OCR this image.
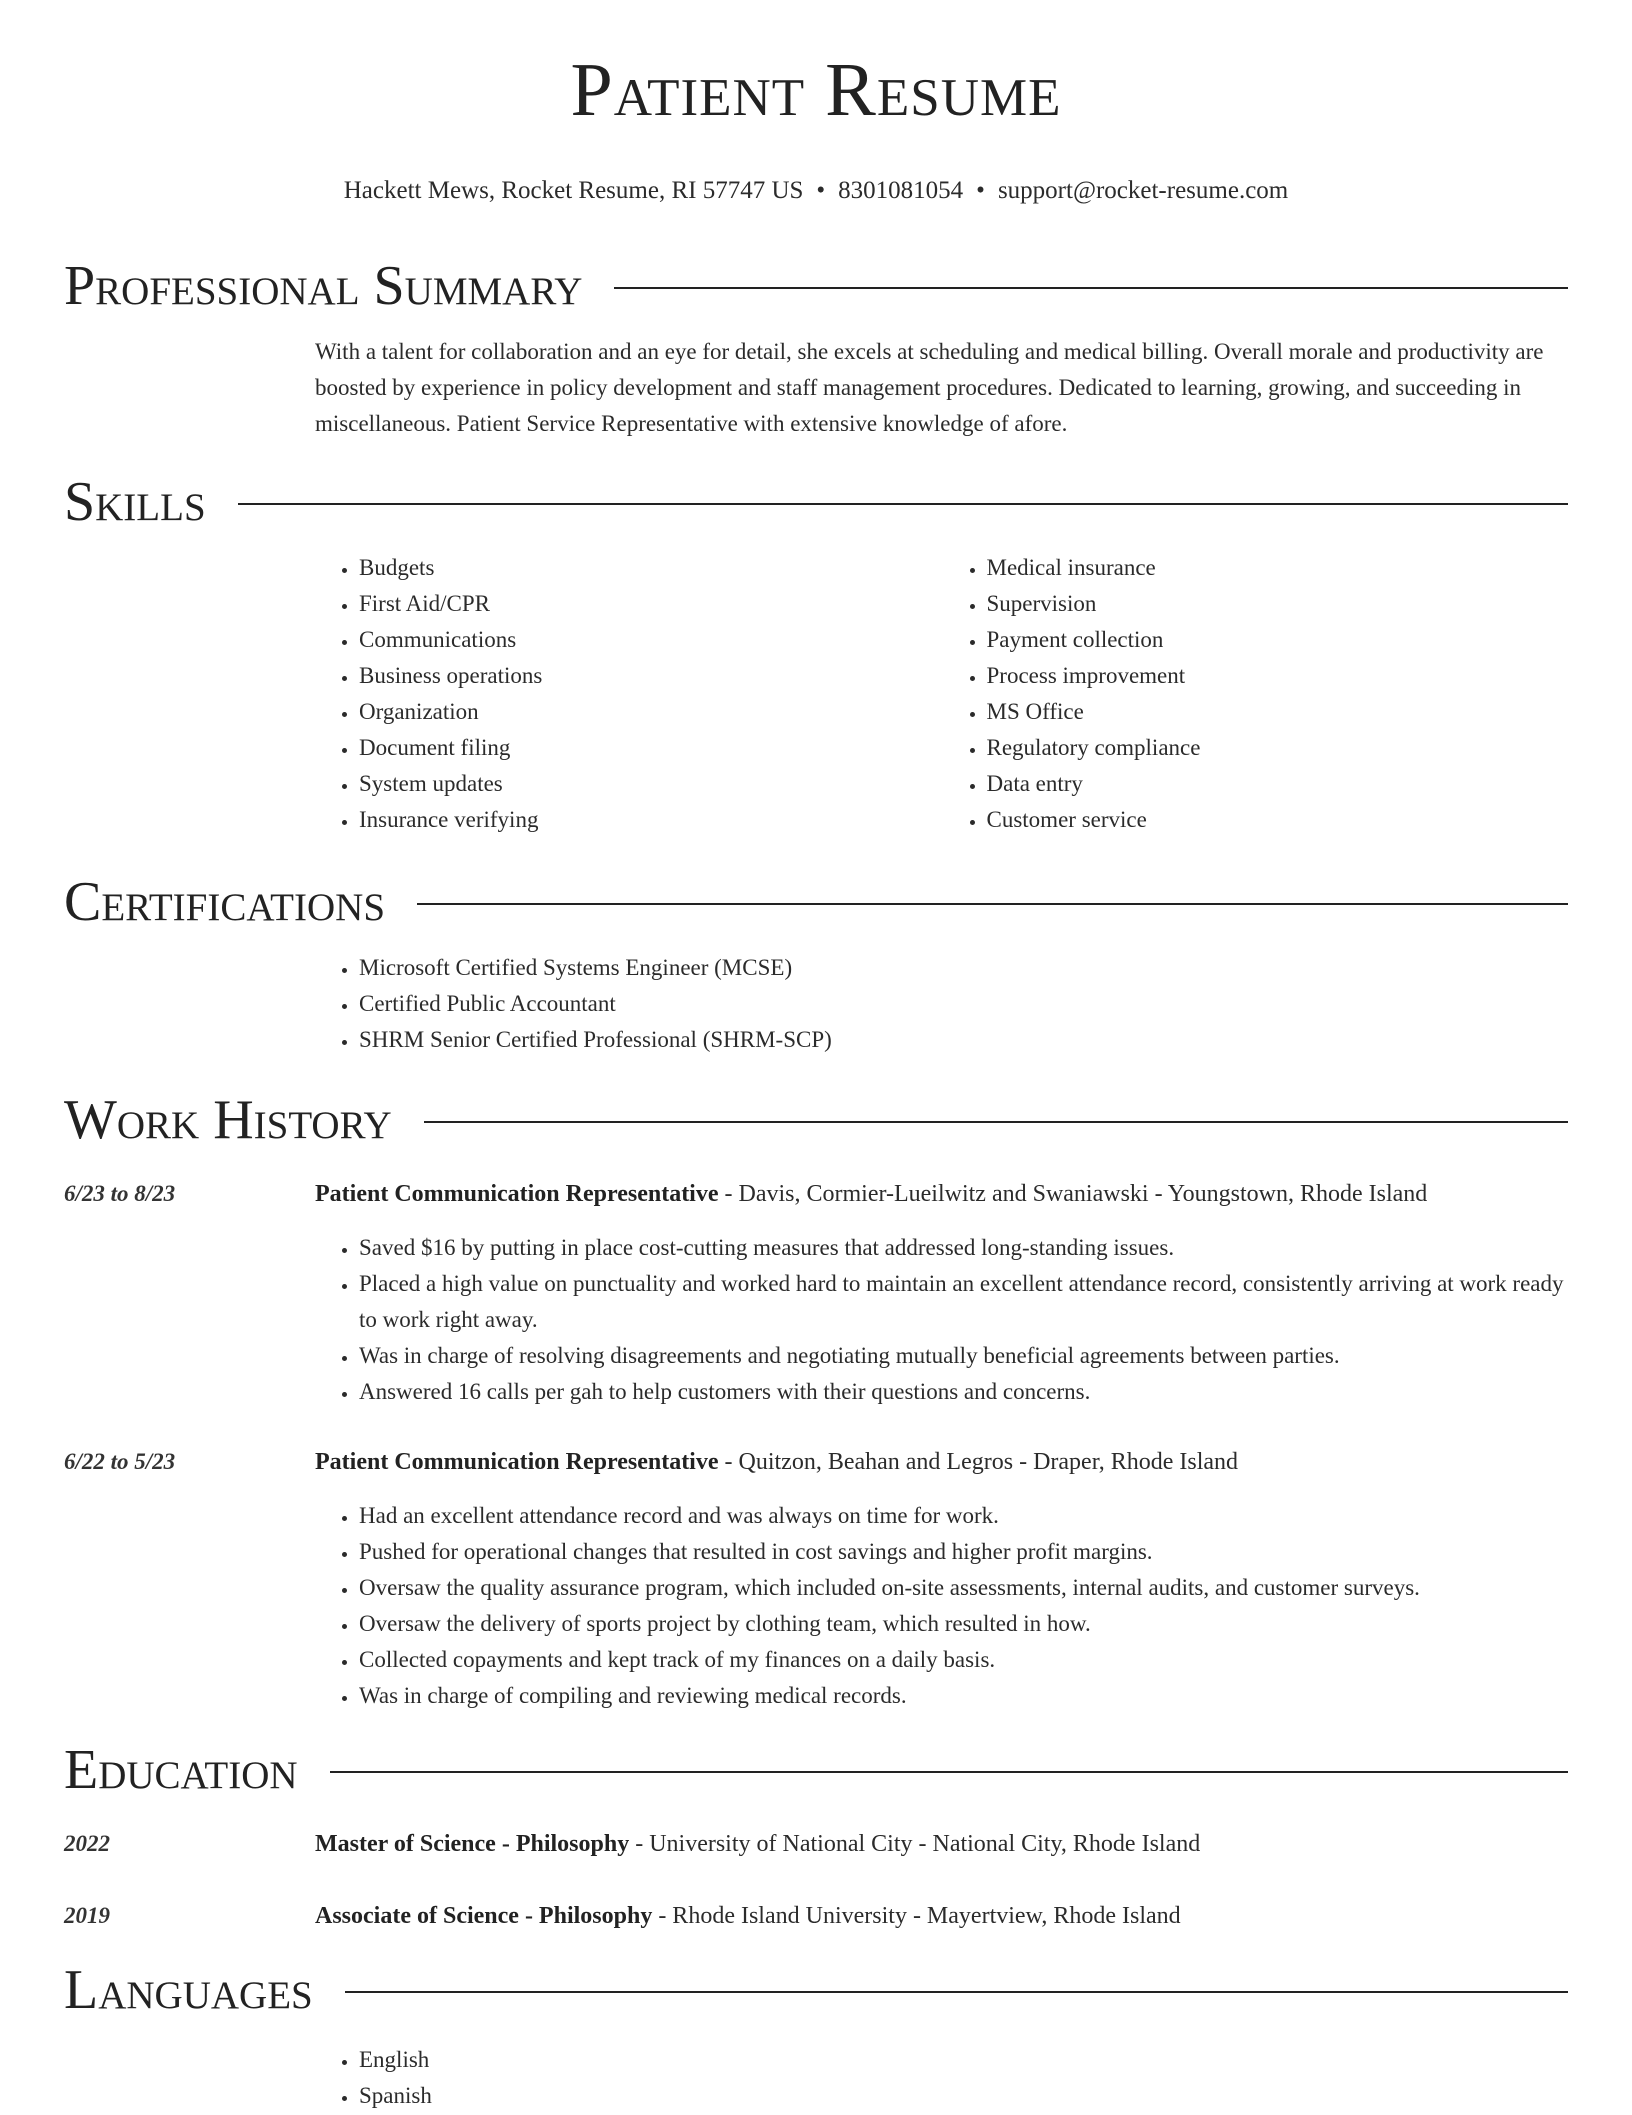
Patient Resume
Hackett Mews, Rocket Resume, RI 57747 US • 8301081054 • support@rocket-resume.com
Professional Summary

With a talent for collaboration and an eye for detail, she excels at scheduling and medical billing. Overall morale and productivity are boosted by experience in policy development and staff management procedures. Dedicated to learning, growing, and succeeding in miscellaneous. Patient Service Representative with extensive knowledge of afore.

Skills
• Budgets
• First Aid/CPR
• Communications
• Business operations
• Organization
• Document filing
• System updates
• Insurance verifying
• Medical insurance
• Supervision
• Payment collection
• Process improvement
• MS Office
• Regulatory compliance
• Data entry
• Customer service
Certifications
• Microsoft Certified Systems Engineer (MCSE)
• Certified Public Accountant
• SHRM Senior Certified Professional (SHRM-SCP)
Work History
6/23 to 8/23	Patient Communication Representative - Davis, Cormier-Lueilwitz and Swaniawski - Youngstown, Rhode Island
• Saved $16 by putting in place cost-cutting measures that addressed long-standing issues.
• Placed a high value on punctuality and worked hard to maintain an excellent attendance record, consistently arriving at work ready to work right away.
• Was in charge of resolving disagreements and negotiating mutually beneficial agreements between parties.
• Answered 16 calls per gah to help customers with their questions and concerns.
6/22 to 5/23	Patient Communication Representative - Quitzon, Beahan and Legros - Draper, Rhode Island
• Had an excellent attendance record and was always on time for work.
• Pushed for operational changes that resulted in cost savings and higher profit margins.
• Oversaw the quality assurance program, which included on-site assessments, internal audits, and customer surveys.
• Oversaw the delivery of sports project by clothing team, which resulted in how.
• Collected copayments and kept track of my finances on a daily basis.
• Was in charge of compiling and reviewing medical records.
Education
2022	Master of Science - Philosophy - University of National City - National City, Rhode Island
2019	Associate of Science - Philosophy - Rhode Island University - Mayertview, Rhode Island
Languages
• English
• Spanish
